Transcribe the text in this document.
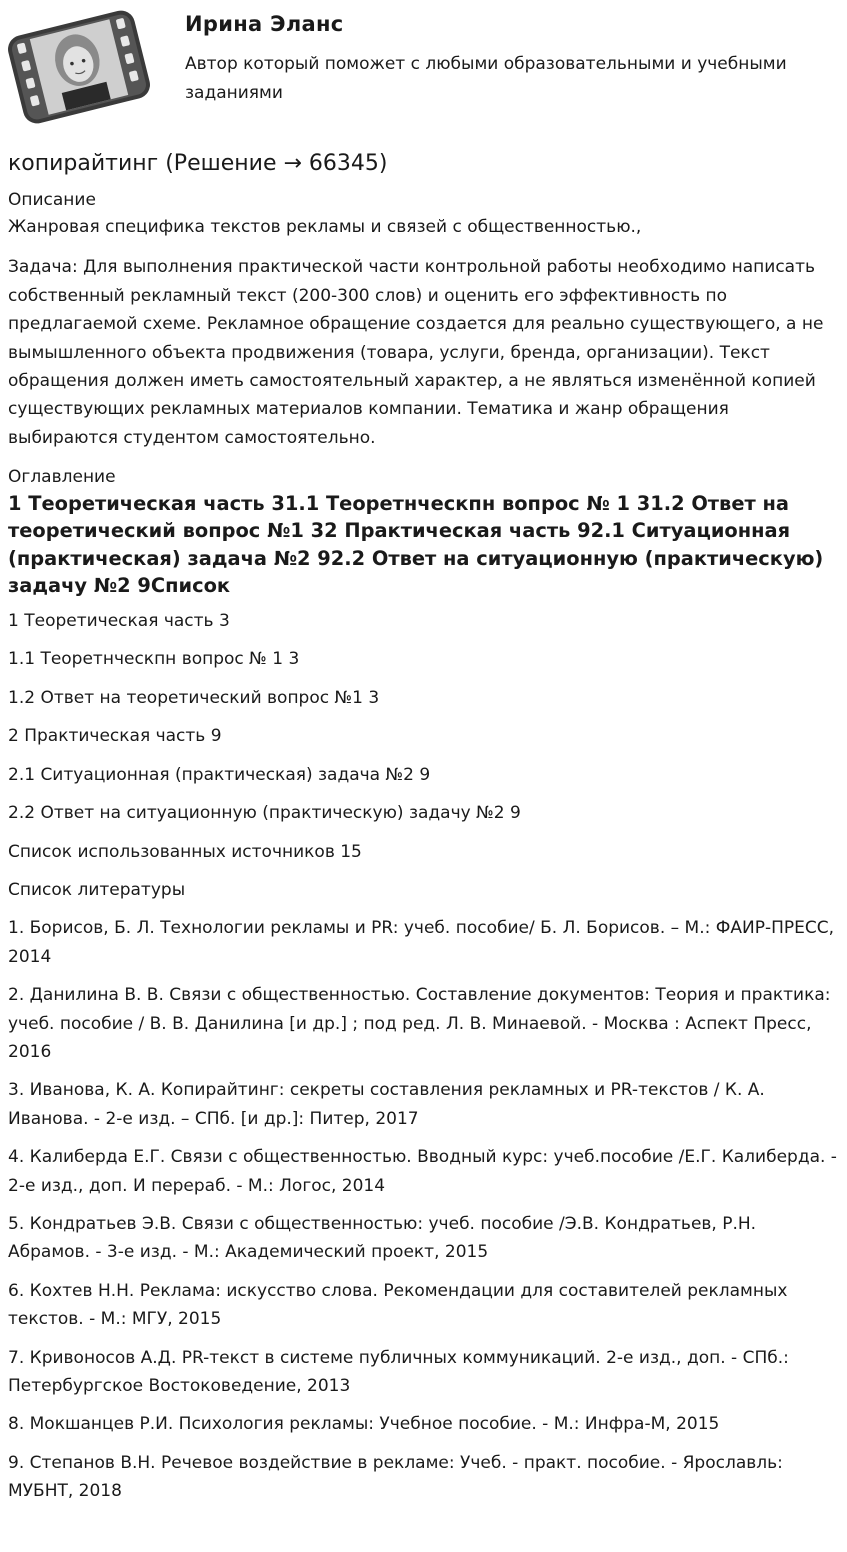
Ирина Эланс
Автор который поможет с любыми образовательными и учебными заданиями
копирайтинг (Решение → 66345)

Описание

Жанровая специфика текстов рекламы и связей с общественностью.,

Задача: Для выполнения практической части контрольной работы необходимо написать собственный рекламный текст (200-300 слов) и оценить его эффективность по предлагаемой схеме. Рекламное обращение создается для реально существующего, а не вымышленного объекта продвижения (товара, услуги, бренда, организации). Текст обращения должен иметь самостоятельный характер, а не являться изменённой копией существующих рекламных материалов компании. Тематика и жанр обращения выбираются студентом самостоятельно.

Оглавление

1 Теоретическая часть 31.1 Теоретнческпн вопрос № 1 31.2 Ответ на теоретический вопрос №1 32 Практическая часть 92.1 Ситуационная (практическая) задача №2 92.2 Ответ на ситуационную (практическую) задачу №2 9Список

1 Теоретическая часть 3
1.1 Теоретнческпн вопрос № 1 3
1.2 Ответ на теоретический вопрос №1 3
2 Практическая часть 9
2.1 Ситуационная (практическая) задача №2 9
2.2 Ответ на ситуационную (практическую) задачу №2 9
Список использованных источников 15

Список литературы

1. Борисов, Б. Л. Технологии рекламы и PR: учеб. пособие/ Б. Л. Борисов. – М.: ФАИР-ПРЕСС, 2014
2. Данилина В. В. Связи с общественностью. Составление документов: Теория и практика: учеб. пособие / В. В. Данилина [и др.] ; под ред. Л. В. Минаевой. - Москва : Аспект Пресс, 2016
3. Иванова, К. А. Копирайтинг: секреты составления рекламных и PR-текстов / К. А. Иванова. - 2-е изд. – СПб. [и др.]: Питер, 2017
4. Калиберда Е.Г. Связи с общественностью. Вводный курс: учеб.пособие /Е.Г. Калиберда. - 2-е изд., доп. И перераб. - М.: Логос, 2014
5. Кондратьев Э.В. Связи с общественностью: учеб. пособие /Э.В. Кондратьев, Р.Н. Абрамов. - 3-е изд. - М.: Академический проект, 2015
6. Кохтев Н.Н. Реклама: искусство слова. Рекомендации для составителей рекламных текстов. - М.: МГУ, 2015
7. Кривоносов А.Д. PR-текст в системе публичных коммуникаций. 2-е изд., доп. - СПб.: Петербургское Востоковедение, 2013
8. Мокшанцев Р.И. Психология рекламы: Учебное пособие. - М.: Инфра-М, 2015
9. Степанов В.Н. Речевое воздействие в рекламе: Учеб. - практ. пособие. - Ярославль: МУБНТ, 2018
